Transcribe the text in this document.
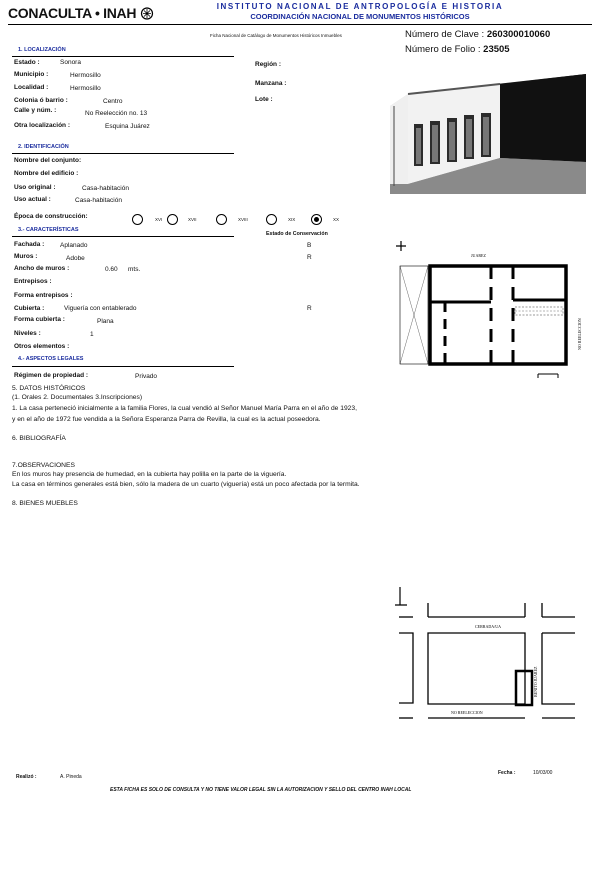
CONACULTA • INAH	INSTITUTO NACIONAL DE ANTROPOLOGÍA E HISTORIA
COORDINACIÓN NACIONAL DE MONUMENTOS HISTÓRICOS
Ficha Nacional de Catálogo de Monumentos Históricos Inmuebles	Número de Clave : 260300010060
Número de Folio : 23505
1. LOCALIZACIÓN
Estado :	Sonora
Municipio :	Hermosillo
Localidad :	Hermosillo
Colonia ó barrio :	Centro
Calle y núm. :	No Reelección no. 13
Otra localización :	Esquina Juárez
Región :
Manzana :
Lote :
2. IDENTIFICACIÓN
Nombre del conjunto:
Nombre del edificio :
Uso original :	Casa-habitación
Uso actual :	Casa-habitación
Época de construcción:	XVI	XVII	XVIII	XIX	XX
3.- CARACTERÍSTICAS
Estado de Conservación
Fachada : Aplanado	B
Muros :	Adobe	R
Ancho de muros :	0.60 mts.
Entrepisos :
Forma entrepisos :
Cubierta :	Viguería con entablerado	R
Forma cubierta :	Plana
Niveles :	1
Otros elementos :
JUAREZ
NO REELECCION
4.- ASPECTOS LEGALES
Régimen de propiedad :	Privado
5. DATOS HISTÓRICOS
(1. Orales 2. Documentales 3.Inscripciones)
1. La casa perteneció inicialmente a la familia Flores, la cual vendió al Señor Manuel María Parra en el año de 1923,
y en el año de 1972 fue vendida a la Señora Esperanza Parra de Revilla, la cual es la actual poseedora.
6. BIBLIOGRAFÍA
7.OBSERVACIONES
En los muros hay presencia de humedad, en la cubierta hay polilla en la parte de la viguería.
La casa en términos generales está bien, sólo la madera de un cuarto (viguería) está un poco afectada por la termita.
8. BIENES MUEBLES
CERRADA/UA
BENITO JUAREZ
NO REELECCION
Realizó :	A. Pineda
Fecha :	10/03/00
ESTA FICHA ES SOLO DE CONSULTA Y NO TIENE VALOR LEGAL SIN LA AUTORIZACION Y SELLO DEL CENTRO INAH LOCAL
